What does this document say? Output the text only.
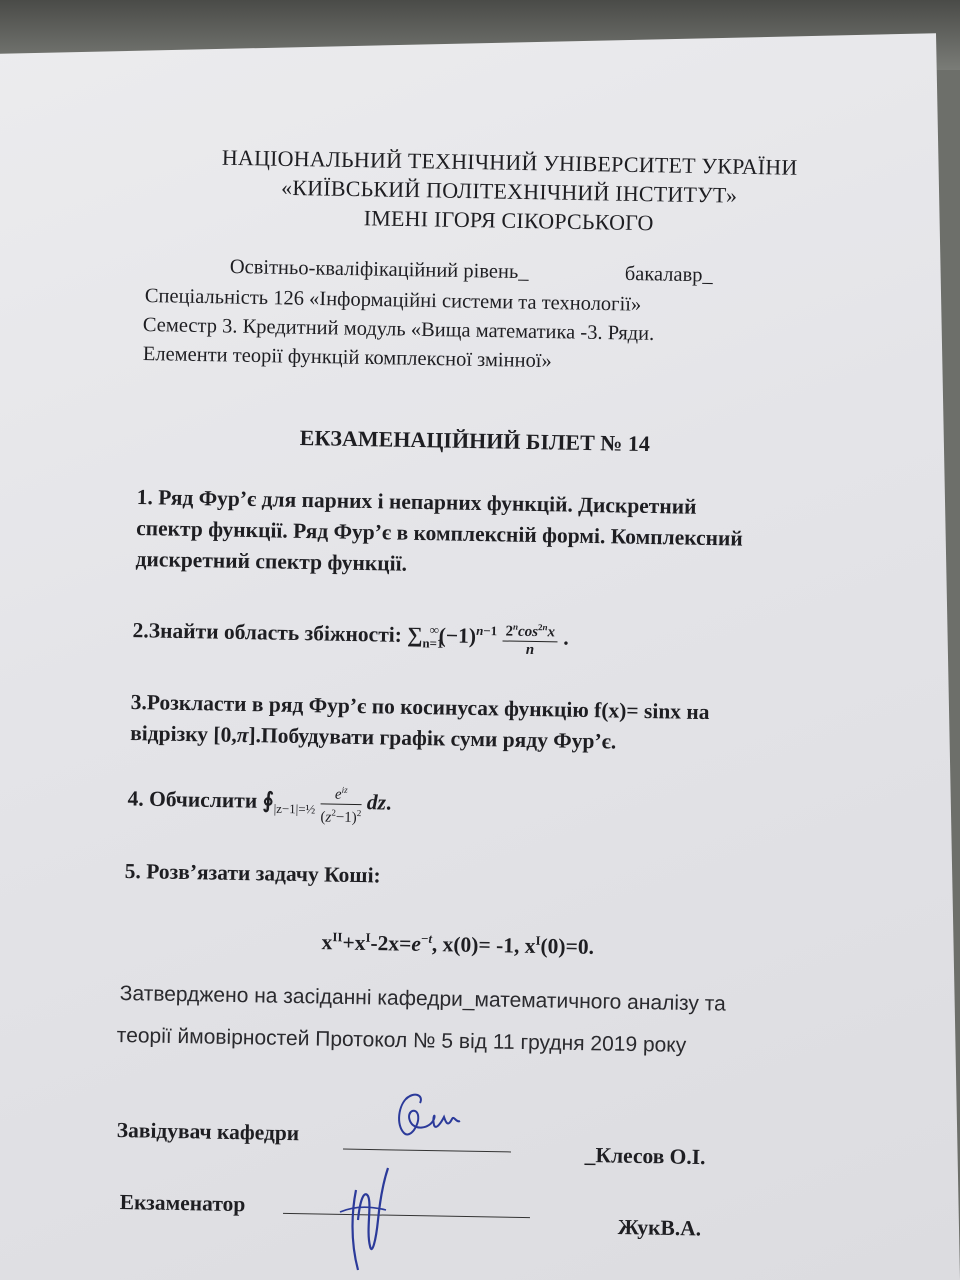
НАЦІОНАЛЬНИЙ ТЕХНІЧНИЙ УНІВЕРСИТЕТ УКРАЇНИ
«КИЇВСЬКИЙ ПОЛІТЕХНІЧНИЙ ІНСТИТУТ»
ІМЕНІ ІГОРЯ СІКОРСЬКОГО
Освітньо-кваліфікаційний рівень_	бакалавр_
Спеціальність 126 «Інформаційні системи та технології»
Семестр 3. Кредитний модуль «Вища математика -3. Ряди.
Елементи теорії функцій комплексної змінної»
ЕКЗАМЕНАЦІЙНИЙ БІЛЕТ № 14
1. Ряд Фур’є для парних і непарних функцій. Дискретний
спектр функції. Ряд Фур’є в комплексній формі. Комплексний
дискретний спектр функції.
2.Знайти область збіжності: $\sum_{n=1}^\infty(-1)^{n-1} \frac{2^n\cos^{2n}x}{n}$ .
3.Розкласти в ряд Фур’є по косинусах функцію f(x)= sinx на
відрізку [0,π].Побудувати графік суми ряду Фур’є.
4. Обчислити $∮_{|z-1|=\frac{1}{2}} \frac{e^{iz}}{(z^2-1)^2}$ dz.
5. Розв’язати задачу Коші:
$x^{II}+x^I-2x=e^{-t}$, x(0)= -1, $x^I(0)=0$.
Затверджено на засіданні кафедри_математичного аналізу та
теорії ймовірностей Протокол № 5 від 11 грудня 2019 року
Завідувач кафедри
_Клесов О.І.
Екзаменатор
ЖукВ.А.
